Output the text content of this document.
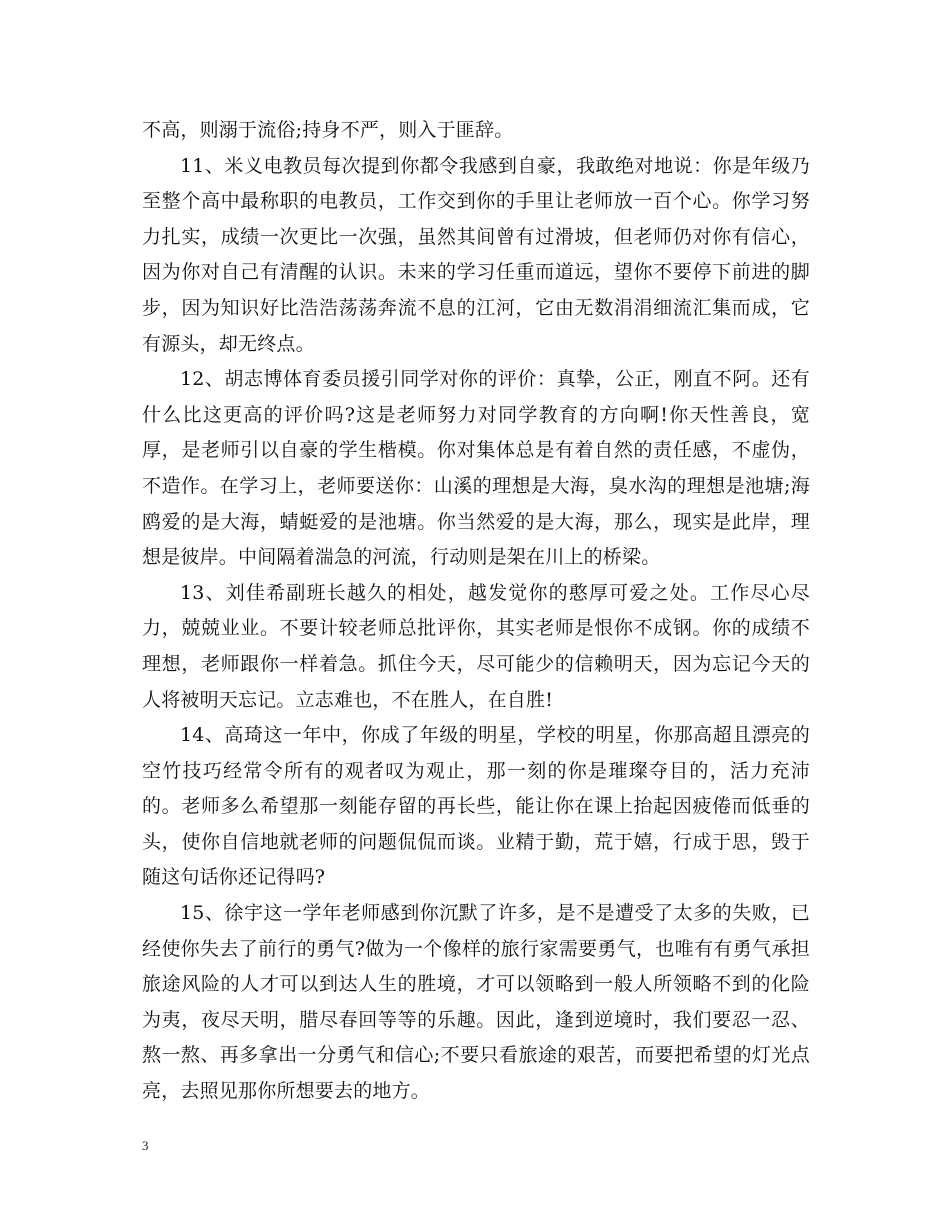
不高，则溺于流俗;持身不严，则入于匪辞。

11、米义电教员每次提到你都令我感到自豪，我敢绝对地说：你是年级乃至整个高中最称职的电教员，工作交到你的手里让老师放一百个心。你学习努力扎实，成绩一次更比一次强，虽然其间曾有过滑坡，但老师仍对你有信心，因为你对自己有清醒的认识。未来的学习任重而道远，望你不要停下前进的脚步，因为知识好比浩浩荡荡奔流不息的江河，它由无数涓涓细流汇集而成，它有源头，却无终点。

12、胡志博体育委员援引同学对你的评价：真挚，公正，刚直不阿。还有什么比这更高的评价吗?这是老师努力对同学教育的方向啊!你天性善良，宽厚，是老师引以自豪的学生楷模。你对集体总是有着自然的责任感，不虚伪，不造作。在学习上，老师要送你：山溪的理想是大海，臭水沟的理想是池塘;海鸥爱的是大海，蜻蜓爱的是池塘。你当然爱的是大海，那么，现实是此岸，理想是彼岸。中间隔着湍急的河流，行动则是架在川上的桥梁。

13、刘佳希副班长越久的相处，越发觉你的憨厚可爱之处。工作尽心尽力，兢兢业业。不要计较老师总批评你，其实老师是恨你不成钢。你的成绩不理想，老师跟你一样着急。抓住今天，尽可能少的信赖明天，因为忘记今天的人将被明天忘记。立志难也，不在胜人，在自胜!

14、高琦这一年中，你成了年级的明星，学校的明星，你那高超且漂亮的空竹技巧经常令所有的观者叹为观止，那一刻的你是璀璨夺目的，活力充沛的。老师多么希望那一刻能存留的再长些，能让你在课上抬起因疲倦而低垂的头，使你自信地就老师的问题侃侃而谈。业精于勤，荒于嬉，行成于思，毁于随这句话你还记得吗?

15、徐宇这一学年老师感到你沉默了许多，是不是遭受了太多的失败，已经使你失去了前行的勇气?做为一个像样的旅行家需要勇气，也唯有有勇气承担旅途风险的人才可以到达人生的胜境，才可以领略到一般人所领略不到的化险为夷，夜尽天明，腊尽春回等等的乐趣。因此，逢到逆境时，我们要忍一忍、熬一熬、再多拿出一分勇气和信心;不要只看旅途的艰苦，而要把希望的灯光点亮，去照见那你所想要去的地方。

3
